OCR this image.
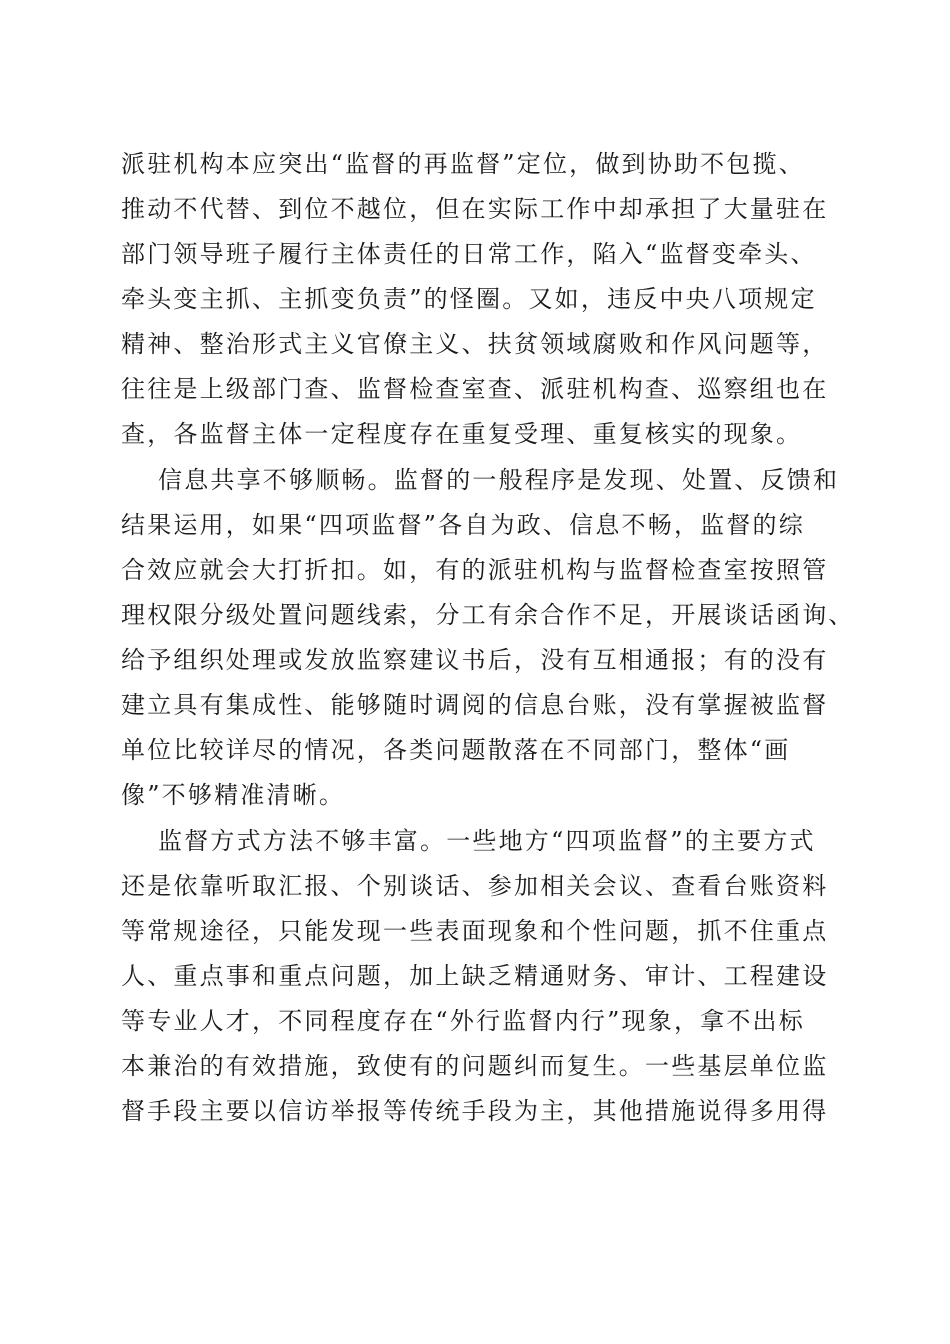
派驻机构本应突出“监督的再监督”定位，做到协助不包揽、
推动不代替、到位不越位，但在实际工作中却承担了大量驻在
部门领导班子履行主体责任的日常工作，陷入“监督变牵头、
牵头变主抓、主抓变负责”的怪圈。又如，违反中央八项规定
精神、整治形式主义官僚主义、扶贫领域腐败和作风问题等，
往往是上级部门查、监督检查室查、派驻机构查、巡察组也在
查，各监督主体一定程度存在重复受理、重复核实的现象。
信息共享不够顺畅。监督的一般程序是发现、处置、反馈和
结果运用，如果“四项监督”各自为政、信息不畅，监督的综
合效应就会大打折扣。如，有的派驻机构与监督检查室按照管
理权限分级处置问题线索，分工有余合作不足，开展谈话函询、
给予组织处理或发放监察建议书后，没有互相通报；有的没有
建立具有集成性、能够随时调阅的信息台账，没有掌握被监督
单位比较详尽的情况，各类问题散落在不同部门，整体“画
像”不够精准清晰。
监督方式方法不够丰富。一些地方“四项监督”的主要方式
还是依靠听取汇报、个别谈话、参加相关会议、查看台账资料
等常规途径，只能发现一些表面现象和个性问题，抓不住重点
人、重点事和重点问题，加上缺乏精通财务、审计、工程建设
等专业人才，不同程度存在“外行监督内行”现象，拿不出标
本兼治的有效措施，致使有的问题纠而复生。一些基层单位监
督手段主要以信访举报等传统手段为主，其他措施说得多用得
